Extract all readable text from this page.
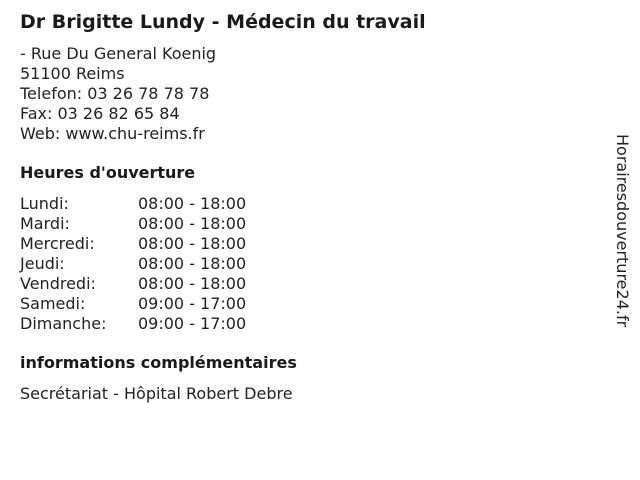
Dr Brigitte Lundy - Médecin du travail
- Rue Du General Koenig
51100 Reims
Telefon: 03 26 78 78 78
Fax: 03 26 82 65 84
Web: www.chu-reims.fr
Heures d'ouverture
Lundi:	08:00 - 18:00
Mardi:	08:00 - 18:00
Mercredi:	08:00 - 18:00
Jeudi:	08:00 - 18:00
Vendredi:	08:00 - 18:00
Samedi:	09:00 - 17:00
Dimanche: 09:00 - 17:00
informations complémentaires
Secrétariat - Hôpital Robert Debre
Horairesdouverture24.fr
